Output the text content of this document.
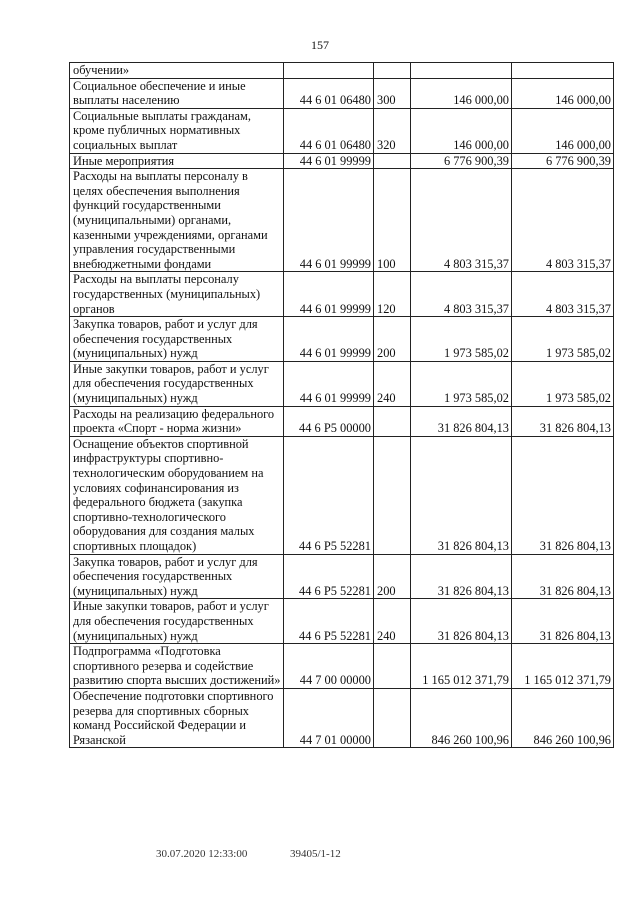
157
обучении»				
Социальное обеспечение и иные выплаты населению	44 6 01 06480	300	146 000,00	146 000,00
Социальные выплаты гражданам, кроме публичных нормативных социальных выплат	44 6 01 06480	320	146 000,00	146 000,00
Иные мероприятия	44 6 01 99999		6 776 900,39	6 776 900,39
Расходы на выплаты персоналу в целях обеспечения выполнения функций государственными (муниципальными) органами, казенными учреждениями, органами управления государственными внебюджетными фондами	44 6 01 99999	100	4 803 315,37	4 803 315,37
Расходы на выплаты персоналу государственных (муниципальных) органов	44 6 01 99999	120	4 803 315,37	4 803 315,37
Закупка товаров, работ и услуг для обеспечения государственных (муниципальных) нужд	44 6 01 99999	200	1 973 585,02	1 973 585,02
Иные закупки товаров, работ и услуг для обеспечения государственных (муниципальных) нужд	44 6 01 99999	240	1 973 585,02	1 973 585,02
Расходы на реализацию федерального проекта «Спорт - норма жизни»	44 6 P5 00000		31 826 804,13	31 826 804,13
Оснащение объектов спортивной инфраструктуры спортивно-технологическим оборудованием на условиях софинансирования из федерального бюджета (закупка спортивно-технологического оборудования для создания малых спортивных площадок)	44 6 P5 52281		31 826 804,13	31 826 804,13
Закупка товаров, работ и услуг для обеспечения государственных (муниципальных) нужд	44 6 P5 52281	200	31 826 804,13	31 826 804,13
Иные закупки товаров, работ и услуг для обеспечения государственных (муниципальных) нужд	44 6 P5 52281	240	31 826 804,13	31 826 804,13
Подпрограмма «Подготовка спортивного резерва и содействие развитию спорта высших достижений»	44 7 00 00000		1 165 012 371,79	1 165 012 371,79
Обеспечение подготовки спортивного резерва для спортивных сборных команд Российской Федерации и Рязанской	44 7 01 00000		846 260 100,96	846 260 100,96
30.07.2020 12:33:00	39405/1-12
